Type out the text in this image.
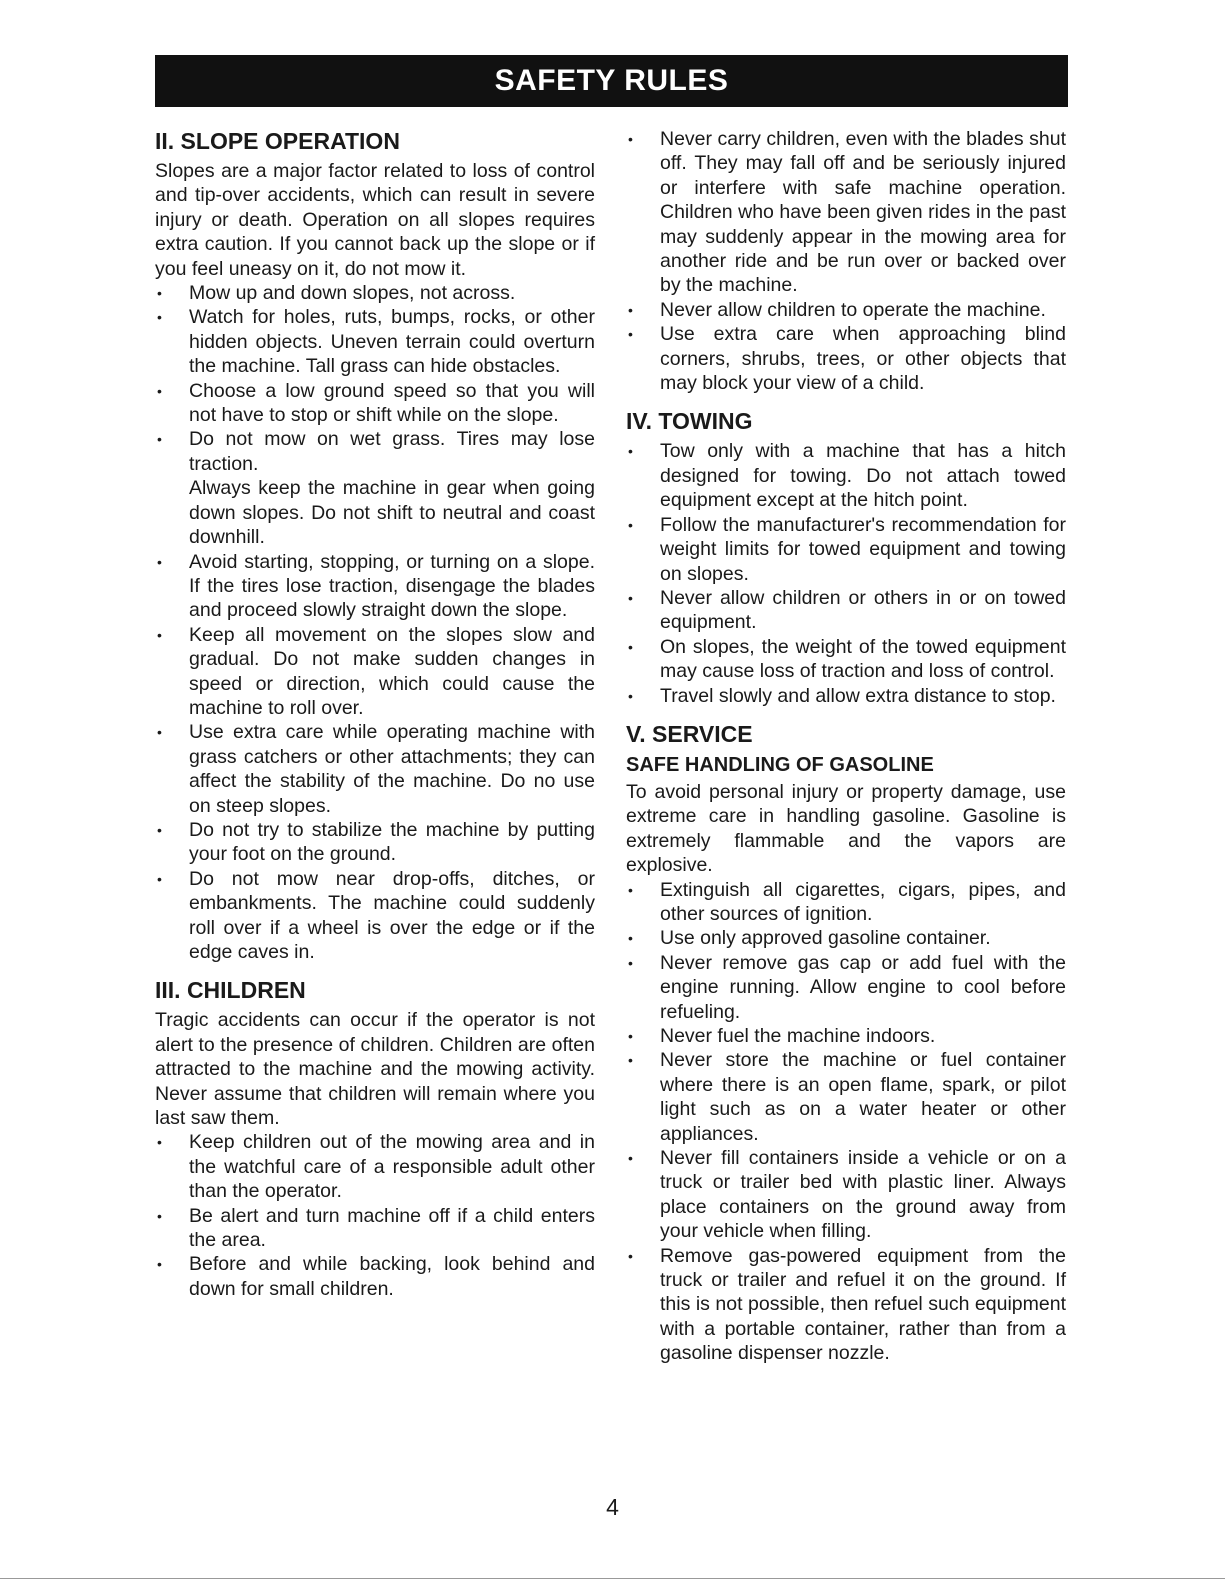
SAFETY RULES
II. SLOPE OPERATION

Slopes are a major factor related to loss of control and tip-over accidents, which can result in severe injury or death. Operation on all slopes requires extra caution. If you cannot back up the slope or if you feel uneasy on it, do not mow it.

•	Mow up and down slopes, not across.
•	Watch for holes, ruts, bumps, rocks, or other hidden objects. Uneven terrain could overturn the machine. Tall grass can hide obstacles.
•	Choose a low ground speed so that you will not have to stop or shift while on the slope.
•	Do not mow on wet grass. Tires may lose traction.
Always keep the machine in gear when going down slopes. Do not shift to neutral and coast downhill.
•	Avoid starting, stopping, or turning on a slope. If the tires lose traction, disengage the blades and proceed slowly straight down the slope.
•	Keep all movement on the slopes slow and gradual. Do not make sudden changes in speed or direction, which could cause the machine to roll over.
•	Use extra care while operating machine with grass catchers or other attachments; they can affect the stability of the machine. Do no use on steep slopes.
•	Do not try to stabilize the machine by putting your foot on the ground.
•	Do not mow near drop-offs, ditches, or embankments. The machine could suddenly roll over if a wheel is over the edge or if the edge caves in.
III. CHILDREN

Tragic accidents can occur if the operator is not alert to the presence of children. Children are often attracted to the machine and the mowing activity. Never assume that children will remain where you last saw them.

•	Keep children out of the mowing area and in the watchful care of a responsible adult other than the operator.
•	Be alert and turn machine off if a child enters the area.
•	Before and while backing, look behind and down for small children.
•	Never carry children, even with the blades shut off. They may fall off and be seriously injured or interfere with safe machine operation. Children who have been given rides in the past may suddenly appear in the mowing area for another ride and be run over or backed over by the machine.
•	Never allow children to operate the machine.
•	Use extra care when approaching blind corners, shrubs, trees, or other objects that may block your view of a child.
IV. TOWING
•	Tow only with a machine that has a hitch designed for towing. Do not attach towed equipment except at the hitch point.
•	Follow the manufacturer's recommendation for weight limits for towed equipment and towing on slopes.
•	Never allow children or others in or on towed equipment.
•	On slopes, the weight of the towed equipment may cause loss of traction and loss of control.
•	Travel slowly and allow extra distance to stop.
V. SERVICE
SAFE HANDLING OF GASOLINE

To avoid personal injury or property damage, use extreme care in handling gasoline. Gasoline is extremely flammable and the vapors are explosive.

•	Extinguish all cigarettes, cigars, pipes, and other sources of ignition.
•	Use only approved gasoline container.
•	Never remove gas cap or add fuel with the engine running. Allow engine to cool before refueling.
•	Never fuel the machine indoors.
•	Never store the machine or fuel container where there is an open flame, spark, or pilot light such as on a water heater or other appliances.
•	Never fill containers inside a vehicle or on a truck or trailer bed with plastic liner. Always place containers on the ground away from your vehicle when filling.
•	Remove gas-powered equipment from the truck or trailer and refuel it on the ground. If this is not possible, then refuel such equipment with a portable container, rather than from a gasoline dispenser nozzle.
4
